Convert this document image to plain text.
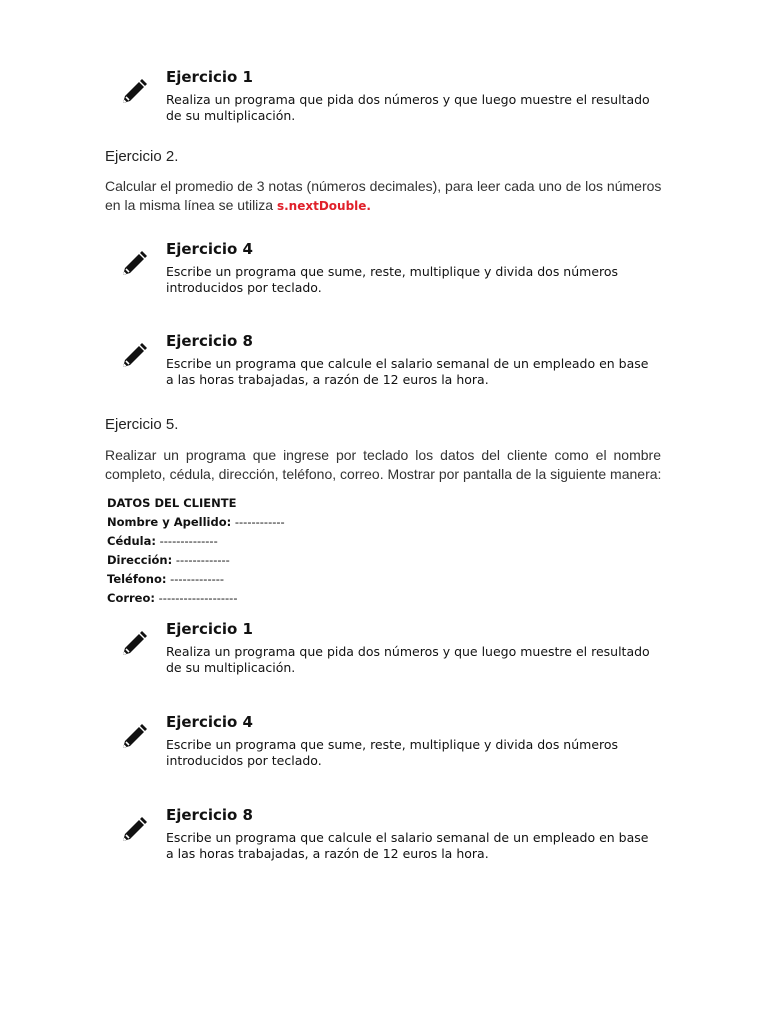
Ejercicio 1
Realiza un programa que pida dos números y que luego muestre el resultado
de su multiplicación.
Ejercicio 2.
Calcular el promedio de 3 notas (números decimales), para leer cada uno de los números
en la misma línea se utiliza s.nextDouble.
Ejercicio 4
Escribe un programa que sume, reste, multiplique y divida dos números
introducidos por teclado.
Ejercicio 8
Escribe un programa que calcule el salario semanal de un empleado en base
a las horas trabajadas, a razón de 12 euros la hora.
Ejercicio 5.
Realizar un programa que ingrese por teclado los datos del cliente como el nombre
completo, cédula, dirección, teléfono, correo. Mostrar por pantalla de la siguiente manera:
DATOS DEL CLIENTE
Nombre y Apellido: ------------
Cédula: --------------
Dirección: -------------
Teléfono: -------------
Correo: -------------------
Ejercicio 1
Realiza un programa que pida dos números y que luego muestre el resultado
de su multiplicación.
Ejercicio 4
Escribe un programa que sume, reste, multiplique y divida dos números
introducidos por teclado.
Ejercicio 8
Escribe un programa que calcule el salario semanal de un empleado en base
a las horas trabajadas, a razón de 12 euros la hora.
